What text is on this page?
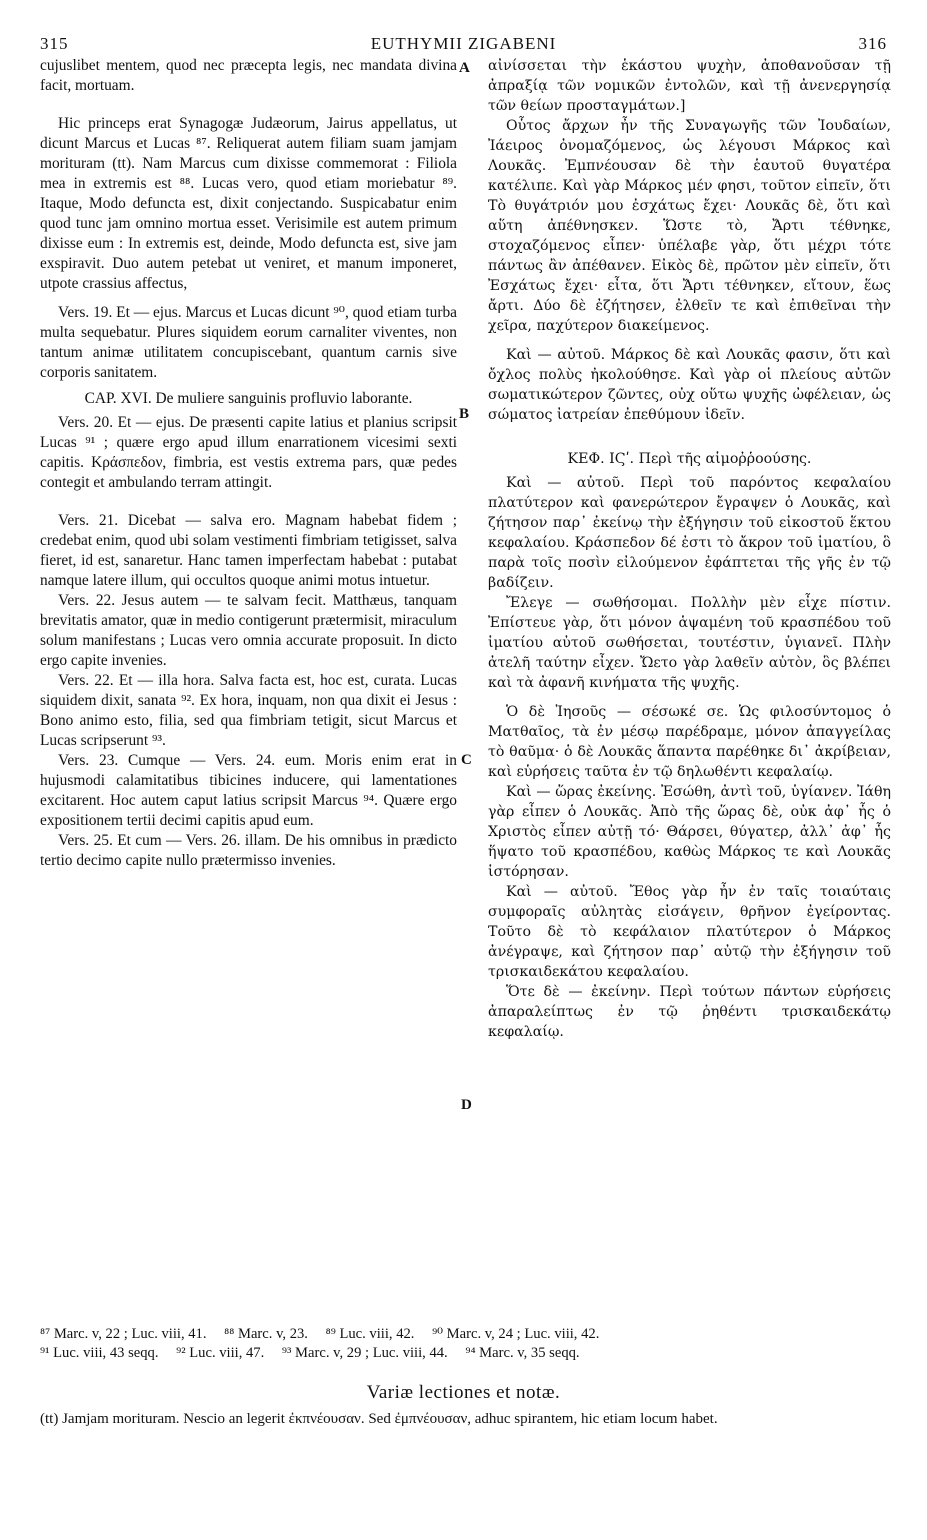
315	EUTHYMII ZIGABENI	316
A
B
C
D

cujuslibet mentem, quod nec præcepta legis, nec mandata divina facit, mortuam.

Hic princeps erat Synagogæ Judæorum, Jairus appellatus, ut dicunt Marcus et Lucas ⁸⁷. Reliquerat autem filiam suam jamjam morituram (tt). Nam Marcus cum dixisse commemorat : Filiola mea in extremis est ⁸⁸. Lucas vero, quod etiam moriebatur ⁸⁹. Itaque, Modo defuncta est, dixit conjectando. Suspicabatur enim quod tunc jam omnino mortua esset. Verisimile est autem primum dixisse eum : In extremis est, deinde, Modo defuncta est, sive jam exspiravit. Duo autem petebat ut veniret, et manum imponeret, utpote crassius affectus,

Vers. 19. Et — ejus. Marcus et Lucas dicunt ⁹⁰, quod etiam turba multa sequebatur. Plures siquidem eorum carnaliter viventes, non tantum animæ utilitatem concupiscebant, quantum carnis sive corporis sanitatem.

CAP. XVI. De muliere sanguinis profluvio laborante.

Vers. 20. Et — ejus. De præsenti capite latius et planius scripsit Lucas ⁹¹ ; quære ergo apud illum enarrationem vicesimi sexti capitis. Κράσπεδον, fimbria, est vestis extrema pars, quæ pedes contegit et ambulando terram attingit.

Vers. 21. Dicebat — salva ero. Magnam habebat fidem ; credebat enim, quod ubi solam vestimenti fimbriam tetigisset, salva fieret, id est, sanaretur. Hanc tamen imperfectam habebat : putabat namque latere illum, qui occultos quoque animi motus intuetur.

Vers. 22. Jesus autem — te salvam fecit. Matthæus, tanquam brevitatis amator, quæ in medio contigerunt prætermisit, miraculum solum manifestans ; Lucas vero omnia accurate proposuit. In dicto ergo capite invenies.

Vers. 22. Et — illa hora. Salva facta est, hoc est, curata. Lucas siquidem dixit, sanata ⁹². Ex hora, inquam, non qua dixit ei Jesus : Bono animo esto, filia, sed qua fimbriam tetigit, sicut Marcus et Lucas scripserunt ⁹³.

Vers. 23. Cumque — Vers. 24. eum. Moris enim erat in hujusmodi calamitatibus tibicines inducere, qui lamentationes excitarent. Hoc autem caput latius scripsit Marcus ⁹⁴. Quære ergo expositionem tertii decimi capitis apud eum.

Vers. 25. Et cum — Vers. 26. illam. De his omnibus in prædicto tertio decimo capite nullo prætermisso invenies.

αἰνίσσεται τὴν ἑκάστου ψυχὴν, ἀποθανοῦσαν τῇ ἀπραξίᾳ τῶν νομικῶν ἐντολῶν, καὶ τῇ ἀνενεργησίᾳ τῶν θείων προσταγμάτων.]

Οὗτος ἄρχων ἦν τῆς Συναγωγῆς τῶν Ἰουδαίων, Ἰάειρος ὀνομαζόμενος, ὡς λέγουσι Μάρκος καὶ Λουκᾶς. Ἐμπνέουσαν δὲ τὴν ἑαυτοῦ θυγατέρα κατέλιπε. Καὶ γὰρ Μάρκος μέν φησι, τοῦτον εἰπεῖν, ὅτι Τὸ θυγάτριόν μου ἐσχάτως ἔχει· Λουκᾶς δὲ, ὅτι καὶ αὕτη ἀπέθνησκεν. Ὥστε τὸ, Ἄρτι τέθνηκε, στοχαζόμενος εἶπεν· ὑπέλαβε γὰρ, ὅτι μέχρι τότε πάντως ἂν ἀπέθανεν. Εἰκὸς δὲ, πρῶτον μὲν εἰπεῖν, ὅτι Ἐσχάτως ἔχει· εἶτα, ὅτι Ἄρτι τέθνηκεν, εἴτουν, ἕως ἄρτι. Δύο δὲ ἐζήτησεν, ἐλθεῖν τε καὶ ἐπιθεῖναι τὴν χεῖρα, παχύτερον διακείμενος.

Καὶ — αὐτοῦ. Μάρκος δὲ καὶ Λουκᾶς φασιν, ὅτι καὶ ὄχλος πολὺς ἠκολούθησε. Καὶ γὰρ οἱ πλείους αὐτῶν σωματικώτερον ζῶντες, οὐχ οὕτω ψυχῆς ὠφέλειαν, ὡς σώματος ἰατρείαν ἐπεθύμουν ἰδεῖν.

ΚΕΦ. ΙϚʹ. Περὶ τῆς αἱμοῤῥοούσης.

Καὶ — αὐτοῦ. Περὶ τοῦ παρόντος κεφαλαίου πλατύτερον καὶ φανερώτερον ἔγραψεν ὁ Λουκᾶς, καὶ ζήτησον παρ᾽ ἐκείνῳ τὴν ἐξήγησιν τοῦ εἰκοστοῦ ἕκτου κεφαλαίου. Κράσπεδον δέ ἐστι τὸ ἄκρον τοῦ ἱματίου, ὃ παρὰ τοῖς ποσὶν εἰλούμενον ἐφάπτεται τῆς γῆς ἐν τῷ βαδίζειν.

Ἔλεγε — σωθήσομαι. Πολλὴν μὲν εἶχε πίστιν. Ἐπίστευε γὰρ, ὅτι μόνον ἁψαμένη τοῦ κρασπέδου τοῦ ἱματίου αὐτοῦ σωθήσεται, τουτέστιν, ὑγιανεῖ. Πλὴν ἀτελῆ ταύτην εἶχεν. Ὤετο γὰρ λαθεῖν αὐτὸν, ὃς βλέπει καὶ τὰ ἀφανῆ κινήματα τῆς ψυχῆς.

Ὁ δὲ Ἰησοῦς — σέσωκέ σε. Ὡς φιλοσύντομος ὁ Ματθαῖος, τὰ ἐν μέσῳ παρέδραμε, μόνον ἀπαγγείλας τὸ θαῦμα· ὁ δὲ Λουκᾶς ἅπαντα παρέθηκε δι᾽ ἀκρίβειαν, καὶ εὑρήσεις ταῦτα ἐν τῷ δηλωθέντι κεφαλαίῳ.

Καὶ — ὥρας ἐκείνης. Ἐσώθη, ἀντὶ τοῦ, ὑγίανεν. Ἰάθη γὰρ εἶπεν ὁ Λουκᾶς. Ἀπὸ τῆς ὥρας δὲ, οὐκ ἀφ᾽ ἧς ὁ Χριστὸς εἶπεν αὐτῇ τό· Θάρσει, θύγατερ, ἀλλ᾽ ἀφ᾽ ἧς ἥψατο τοῦ κρασπέδου, καθὼς Μάρκος τε καὶ Λουκᾶς ἱστόρησαν.

Καὶ — αὐτοῦ. Ἔθος γὰρ ἦν ἐν ταῖς τοιαύταις συμφοραῖς αὐλητὰς εἰσάγειν, θρῆνον ἐγείροντας. Τοῦτο δὲ τὸ κεφάλαιον πλατύτερον ὁ Μάρκος ἀνέγραψε, καὶ ζήτησον παρ᾽ αὐτῷ τὴν ἐξήγησιν τοῦ τρισκαιδεκάτου κεφαλαίου.

Ὅτε δὲ — ἐκείνην. Περὶ τούτων πάντων εὑρήσεις ἀπαραλείπτως ἐν τῷ ῥηθέντι τρισκαιδεκάτῳ κεφαλαίῳ.

⁸⁷ Marc. v, 22 ; Luc. viii, 41. ⁸⁸ Marc. v, 23. ⁸⁹ Luc. viii, 42. ⁹⁰ Marc. v, 24 ; Luc. viii, 42.
⁹¹ Luc. viii, 43 seqq. ⁹² Luc. viii, 47. ⁹³ Marc. v, 29 ; Luc. viii, 44. ⁹⁴ Marc. v, 35 seqq.
Variæ lectiones et notæ.
(tt) Jamjam morituram. Nescio an legerit ἐκπνέουσαν. Sed ἐμπνέουσαν, adhuc spirantem, hic etiam locum habet.
